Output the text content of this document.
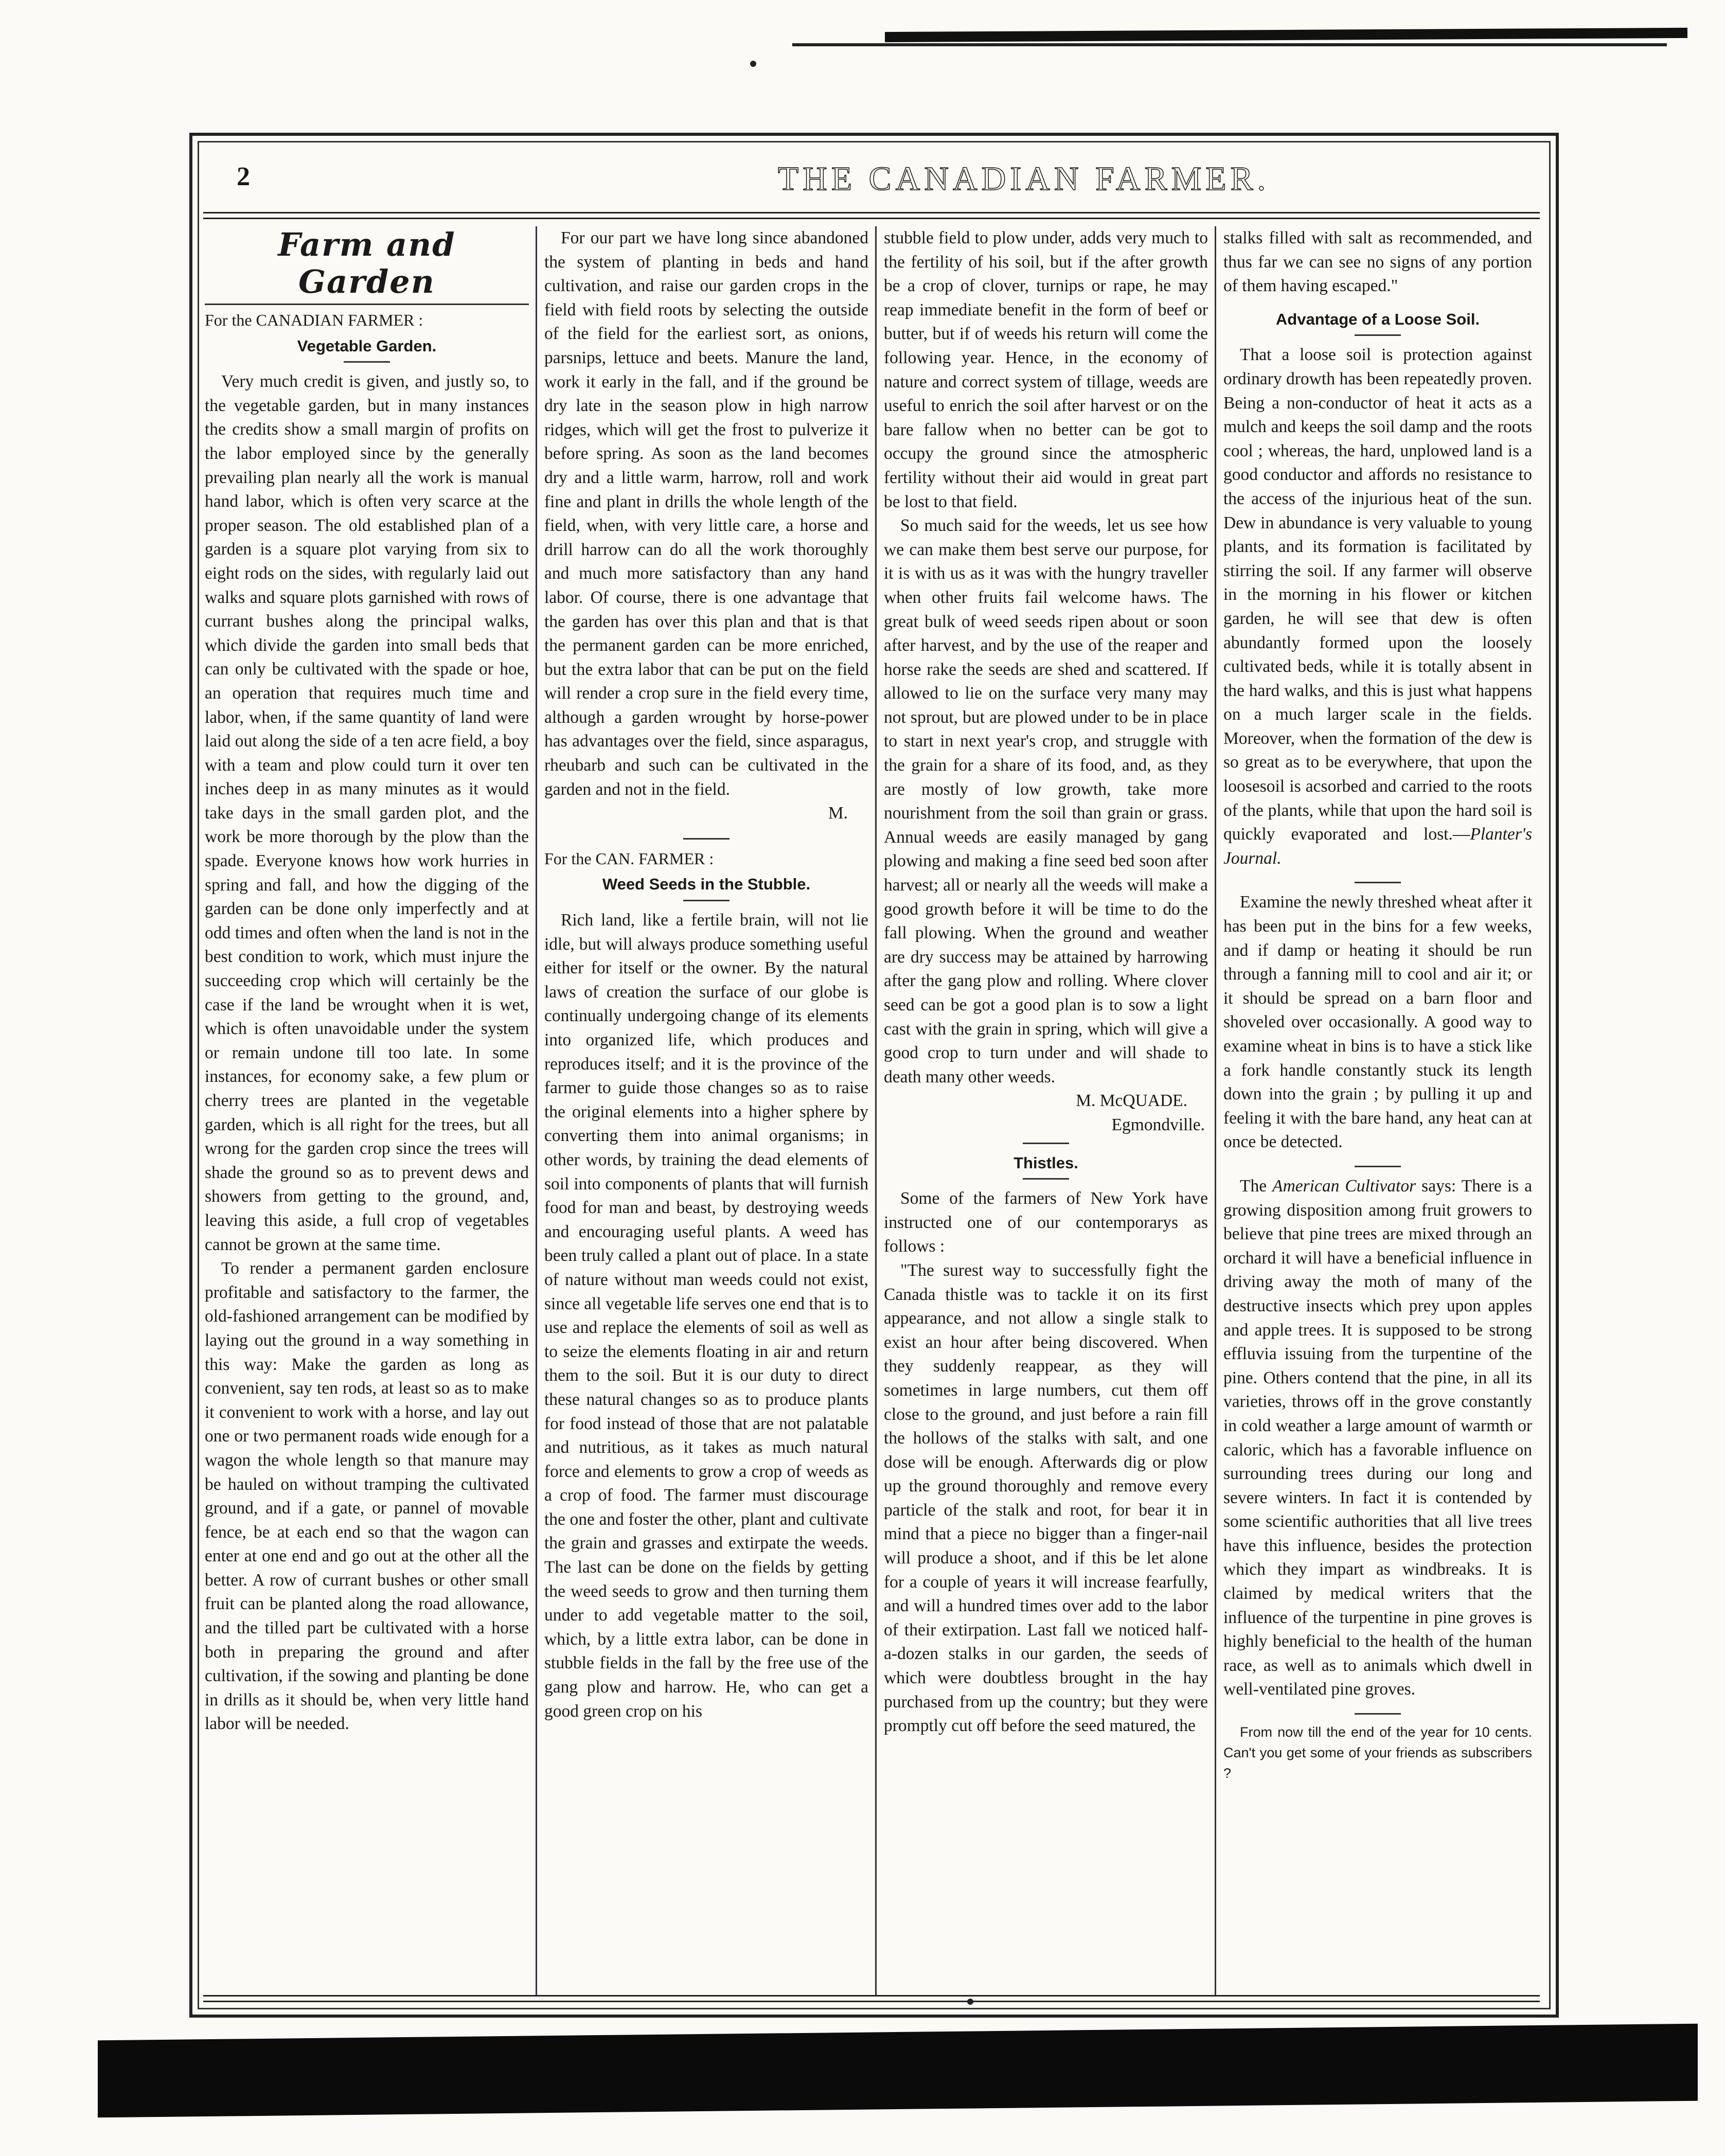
2	THE CANADIAN FARMER.
Farm and Garden

For the CANADIAN FARMER :

Vegetable Garden.

Very much credit is given, and justly so, to the vegetable garden, but in many instances the credits show a small margin of profits on the labor employed since by the generally prevailing plan nearly all the work is manual hand labor, which is often very scarce at the proper season. The old established plan of a garden is a square plot varying from six to eight rods on the sides, with regularly laid out walks and square plots garnished with rows of currant bushes along the principal walks, which divide the garden into small beds that can only be cultivated with the spade or hoe, an operation that requires much time and labor, when, if the same quantity of land were laid out along the side of a ten acre field, a boy with a team and plow could turn it over ten inches deep in as many minutes as it would take days in the small garden plot, and the work be more thorough by the plow than the spade. Everyone knows how work hurries in spring and fall, and how the digging of the garden can be done only imperfectly and at odd times and often when the land is not in the best condition to work, which must injure the succeeding crop which will certainly be the case if the land be wrought when it is wet, which is often unavoidable under the system or remain undone till too late. In some instances, for economy sake, a few plum or cherry trees are planted in the vegetable garden, which is all right for the trees, but all wrong for the garden crop since the trees will shade the ground so as to prevent dews and showers from getting to the ground, and, leaving this aside, a full crop of vegetables cannot be grown at the same time.

To render a permanent garden enclosure profitable and satisfactory to the farmer, the old-fashioned arrangement can be modified by laying out the ground in a way something in this way: Make the garden as long as convenient, say ten rods, at least so as to make it convenient to work with a horse, and lay out one or two permanent roads wide enough for a wagon the whole length so that manure may be hauled on without tramping the cultivated ground, and if a gate, or pannel of movable fence, be at each end so that the wagon can enter at one end and go out at the other all the better. A row of currant bushes or other small fruit can be planted along the road allowance, and the tilled part be cultivated with a horse both in preparing the ground and after cultivation, if the sowing and planting be done in drills as it should be, when very little hand labor will be needed.

For our part we have long since abandoned the system of planting in beds and hand cultivation, and raise our garden crops in the field with field roots by selecting the outside of the field for the earliest sort, as onions, parsnips, lettuce and beets. Manure the land, work it early in the fall, and if the ground be dry late in the season plow in high narrow ridges, which will get the frost to pulverize it before spring. As soon as the land becomes dry and a little warm, harrow, roll and work fine and plant in drills the whole length of the field, when, with very little care, a horse and drill harrow can do all the work thoroughly and much more satisfactory than any hand labor. Of course, there is one advantage that the garden has over this plan and that is that the permanent garden can be more enriched, but the extra labor that can be put on the field will render a crop sure in the field every time, although a garden wrought by horse-power has advantages over the field, since asparagus, rheubarb and such can be cultivated in the garden and not in the field.

M.

For the CAN. FARMER :

Weed Seeds in the Stubble.

Rich land, like a fertile brain, will not lie idle, but will always produce something useful either for itself or the owner. By the natural laws of creation the surface of our globe is continually undergoing change of its elements into organized life, which produces and reproduces itself; and it is the province of the farmer to guide those changes so as to raise the original elements into a higher sphere by converting them into animal organisms; in other words, by training the dead elements of soil into components of plants that will furnish food for man and beast, by destroying weeds and encouraging useful plants. A weed has been truly called a plant out of place. In a state of nature without man weeds could not exist, since all vegetable life serves one end that is to use and replace the elements of soil as well as to seize the elements floating in air and return them to the soil. But it is our duty to direct these natural changes so as to produce plants for food instead of those that are not palatable and nutritious, as it takes as much natural force and elements to grow a crop of weeds as a crop of food. The farmer must discourage the one and foster the other, plant and cultivate the grain and grasses and extirpate the weeds. The last can be done on the fields by getting the weed seeds to grow and then turning them under to add vegetable matter to the soil, which, by a little extra labor, can be done in stubble fields in the fall by the free use of the gang plow and harrow. He, who can get a good green crop on his

stubble field to plow under, adds very much to the fertility of his soil, but if the after growth be a crop of clover, turnips or rape, he may reap immediate benefit in the form of beef or butter, but if of weeds his return will come the following year. Hence, in the economy of nature and correct system of tillage, weeds are useful to enrich the soil after harvest or on the bare fallow when no better can be got to occupy the ground since the atmospheric fertility without their aid would in great part be lost to that field.

So much said for the weeds, let us see how we can make them best serve our purpose, for it is with us as it was with the hungry traveller when other fruits fail welcome haws. The great bulk of weed seeds ripen about or soon after harvest, and by the use of the reaper and horse rake the seeds are shed and scattered. If allowed to lie on the surface very many may not sprout, but are plowed under to be in place to start in next year's crop, and struggle with the grain for a share of its food, and, as they are mostly of low growth, take more nourishment from the soil than grain or grass. Annual weeds are easily managed by gang plowing and making a fine seed bed soon after harvest; all or nearly all the weeds will make a good growth before it will be time to do the fall plowing. When the ground and weather are dry success may be attained by harrowing after the gang plow and rolling. Where clover seed can be got a good plan is to sow a light cast with the grain in spring, which will give a good crop to turn under and will shade to death many other weeds.

M. McQUADE.
Egmondville.
Thistles.

Some of the farmers of New York have instructed one of our contemporarys as follows :

"The surest way to successfully fight the Canada thistle was to tackle it on its first appearance, and not allow a single stalk to exist an hour after being discovered. When they suddenly reappear, as they will sometimes in large numbers, cut them off close to the ground, and just before a rain fill the hollows of the stalks with salt, and one dose will be enough. Afterwards dig or plow up the ground thoroughly and remove every particle of the stalk and root, for bear it in mind that a piece no bigger than a finger-nail will produce a shoot, and if this be let alone for a couple of years it will increase fearfully, and will a hundred times over add to the labor of their extirpation. Last fall we noticed half-a-dozen stalks in our garden, the seeds of which were doubtless brought in the hay purchased from up the country; but they were promptly cut off before the seed matured, the

stalks filled with salt as recommended, and thus far we can see no signs of any portion of them having escaped."

Advantage of a Loose Soil.

That a loose soil is protection against ordinary drowth has been repeatedly proven. Being a non-conductor of heat it acts as a mulch and keeps the soil damp and the roots cool ; whereas, the hard, unplowed land is a good conductor and affords no resistance to the access of the injurious heat of the sun. Dew in abundance is very valuable to young plants, and its formation is facilitated by stirring the soil. If any farmer will observe in the morning in his flower or kitchen garden, he will see that dew is often abundantly formed upon the loosely cultivated beds, while it is totally absent in the hard walks, and this is just what happens on a much larger scale in the fields. Moreover, when the formation of the dew is so great as to be everywhere, that upon the loosesoil is acsorbed and carried to the roots of the plants, while that upon the hard soil is quickly evaporated and lost.—Planter's Journal.

Examine the newly threshed wheat after it has been put in the bins for a few weeks, and if damp or heating it should be run through a fanning mill to cool and air it; or it should be spread on a barn floor and shoveled over occasionally. A good way to examine wheat in bins is to have a stick like a fork handle constantly stuck its length down into the grain ; by pulling it up and feeling it with the bare hand, any heat can at once be detected.

The American Cultivator says: There is a growing disposition among fruit growers to believe that pine trees are mixed through an orchard it will have a beneficial influence in driving away the moth of many of the destructive insects which prey upon apples and apple trees. It is supposed to be strong effluvia issuing from the turpentine of the pine. Others contend that the pine, in all its varieties, throws off in the grove constantly in cold weather a large amount of warmth or caloric, which has a favorable influence on surrounding trees during our long and severe winters. In fact it is contended by some scientific authorities that all live trees have this influence, besides the protection which they impart as windbreaks. It is claimed by medical writers that the influence of the turpentine in pine groves is highly beneficial to the health of the human race, as well as to animals which dwell in well-ventilated pine groves.

From now till the end of the year for 10 cents. Can't you get some of your friends as subscribers ?
